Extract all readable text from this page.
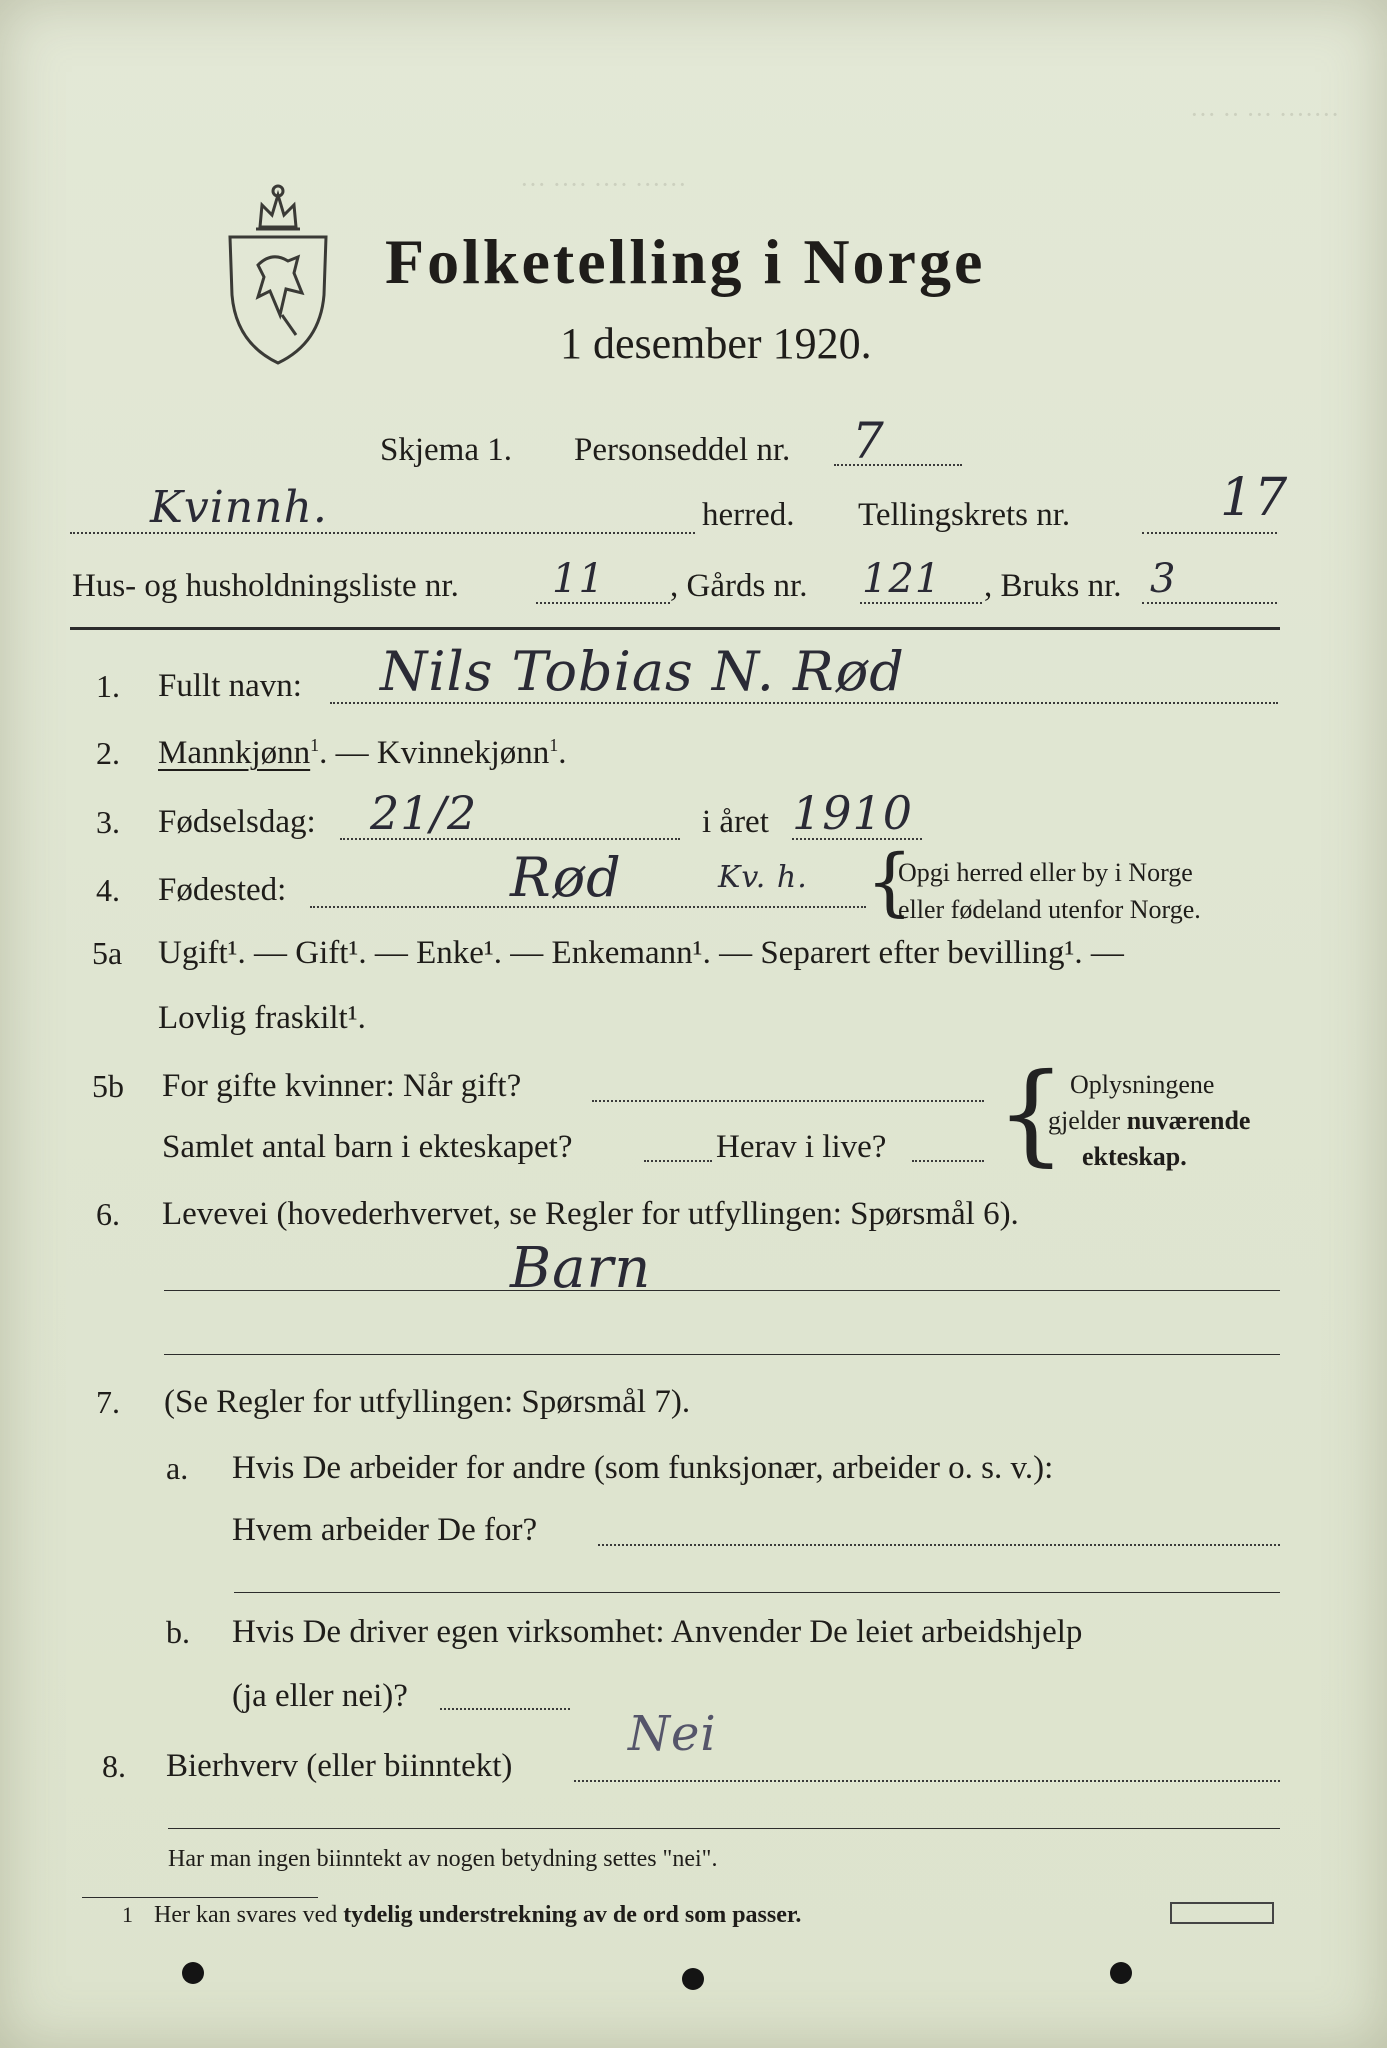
··· ·· ··· ·······
··· ···· ···· ······
Folketelling i Norge
1 desember 1920.
Skjema 1. Personseddel nr. 7
Kvinnh.	herred. Tellingskrets nr.	17
Hus- og husholdningsliste nr. 11 , Gårds nr. 121 , Bruks nr. 3
1. Fullt navn: Nils Tobias N. Rød
2. Mannkjønn$^1$. — Kvinnekjønn$^1$.
3. Fødselsdag: 21/2	i året 1910
4. Fødested:	Rød	Kv. h. {
Opgi herred eller by i Norge
eller fødeland utenfor Norge.
5a Ugift¹. — Gift¹. — Enke¹. — Enkemann¹. — Separert efter bevilling¹. —
Lovlig fraskilt¹.
5b For gifte kvinner: Når gift?
Samlet antal barn i ekteskapet?	Herav i live? { Oplysningene
gjelder nuværende
ekteskap.
6. Levevei (hovederhvervet, se Regler for utfyllingen: Spørsmål 6).
Barn
7. (Se Regler for utfyllingen: Spørsmål 7).
a. Hvis De arbeider for andre (som funksjonær, arbeider o. s. v.):
Hvem arbeider De for?
b. Hvis De driver egen virksomhet: Anvender De leiet arbeidshjelp
(ja eller nei)?
8. Bierhverv (eller biinntekt)
Nei
Har man ingen biinntekt av nogen betydning settes "nei".
1 Her kan svares ved tydelig understrekning av de ord som passer.
